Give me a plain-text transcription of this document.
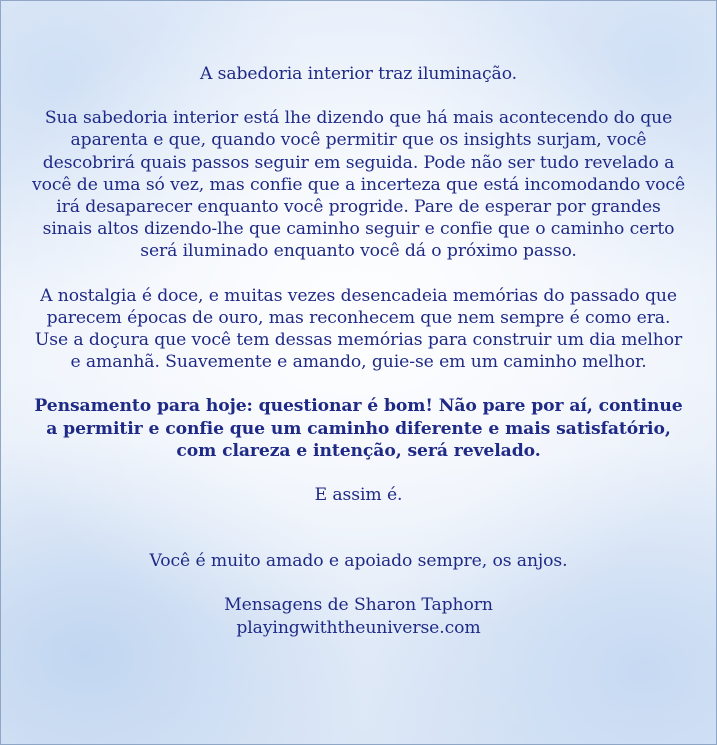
A sabedoria interior traz iluminação.

Sua sabedoria interior está lhe dizendo que há mais acontecendo do que aparenta e que, quando você permitir que os insights surjam, você descobrirá quais passos seguir em seguida. Pode não ser tudo revelado a você de uma só vez, mas confie que a incerteza que está incomodando você irá desaparecer enquanto você progride. Pare de esperar por grandes sinais altos dizendo-lhe que caminho seguir e confie que o caminho certo será iluminado enquanto você dá o próximo passo.

A nostalgia é doce, e muitas vezes desencadeia memórias do passado que parecem épocas de ouro, mas reconhecem que nem sempre é como era. Use a doçura que você tem dessas memórias para construir um dia melhor e amanhã. Suavemente e amando, guie-se em um caminho melhor.

Pensamento para hoje: questionar é bom! Não pare por aí, continue a permitir e confie que um caminho diferente e mais satisfatório, com clareza e intenção, será revelado.

E assim é.

Você é muito amado e apoiado sempre, os anjos.

Mensagens de Sharon Taphorn

playingwiththeuniverse.com
